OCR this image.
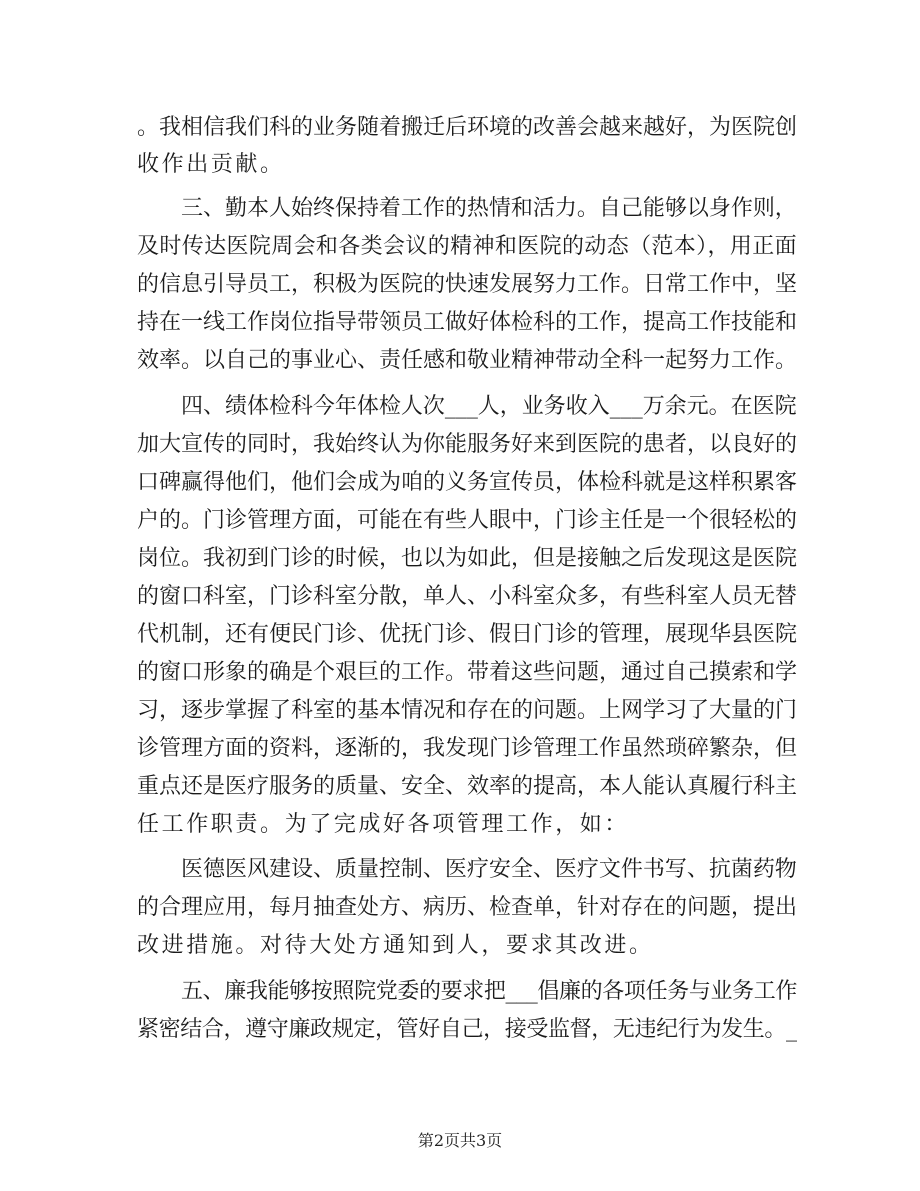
。我相信我们科的业务随着搬迁后环境的改善会越来越好，为医院创
收作出贡献。
三、勤本人始终保持着工作的热情和活力。自己能够以身作则，
及时传达医院周会和各类会议的精神和医院的动态（范本），用正面
的信息引导员工，积极为医院的快速发展努力工作。日常工作中，坚
持在一线工作岗位指导带领员工做好体检科的工作，提高工作技能和
效率。以自己的事业心、责任感和敬业精神带动全科一起努力工作。
四、绩体检科今年体检人次___人，业务收入___万余元。在医院
加大宣传的同时，我始终认为你能服务好来到医院的患者，以良好的
口碑赢得他们，他们会成为咱的义务宣传员，体检科就是这样积累客
户的。门诊管理方面，可能在有些人眼中，门诊主任是一个很轻松的
岗位。我初到门诊的时候，也以为如此，但是接触之后发现这是医院
的窗口科室，门诊科室分散，单人、小科室众多，有些科室人员无替
代机制，还有便民门诊、优抚门诊、假日门诊的管理，展现华县医院
的窗口形象的确是个艰巨的工作。带着这些问题，通过自己摸索和学
习，逐步掌握了科室的基本情况和存在的问题。上网学习了大量的门
诊管理方面的资料，逐渐的，我发现门诊管理工作虽然琐碎繁杂，但
重点还是医疗服务的质量、安全、效率的提高，本人能认真履行科主
任工作职责。为了完成好各项管理工作，如：
医德医风建设、质量控制、医疗安全、医疗文件书写、抗菌药物
的合理应用，每月抽查处方、病历、检查单，针对存在的问题，提出
改进措施。对待大处方通知到人，要求其改进。
五、廉我能够按照院党委的要求把___倡廉的各项任务与业务工作
紧密结合，遵守廉政规定，管好自己，接受监督，无违纪行为发生。_
第2页共3页
